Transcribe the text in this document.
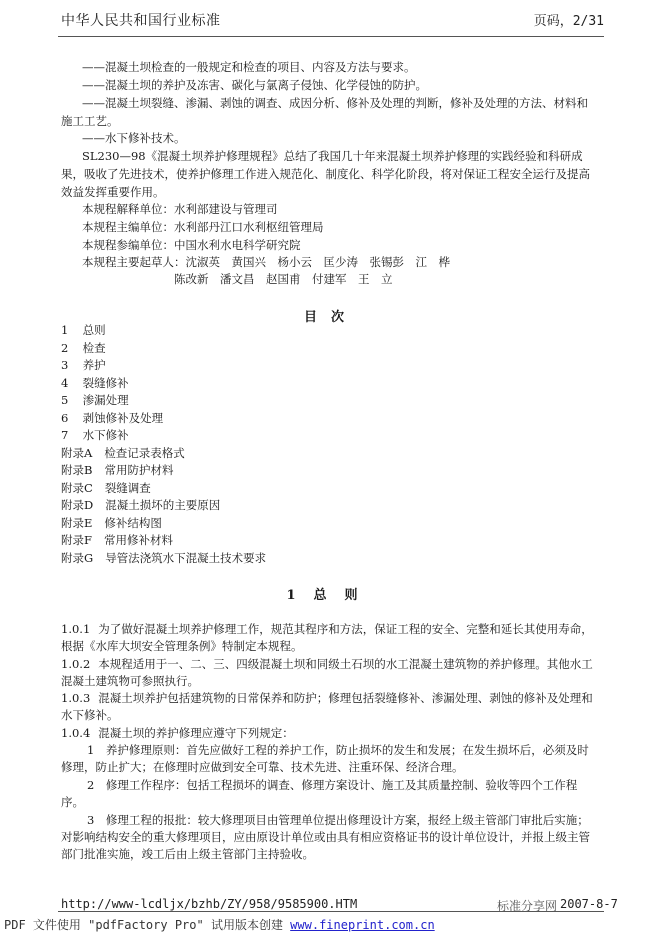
中华人民共和国行业标准	页码，2/31
——混凝土坝检查的一般规定和检查的项目、内容及方法与要求。
——混凝土坝的养护及冻害、碳化与氯离子侵蚀、化学侵蚀的防护。
——混凝土坝裂缝、渗漏、剥蚀的调查、成因分析、修补及处理的判断，修补及处理的方法、材料和
施工工艺。
——水下修补技术。
SL230—98《混凝土坝养护修理规程》总结了我国几十年来混凝土坝养护修理的实践经验和科研成
果，吸收了先进技术，使养护修理工作进入规范化、制度化、科学化阶段，将对保证工程安全运行及提高
效益发挥重要作用。
本规程解释单位：水利部建设与管理司
本规程主编单位：水利部丹江口水利枢纽管理局
本规程参编单位：中国水利水电科学研究院
本规程主要起草人：沈淑英　黄国兴　杨小云　匡少涛　张锡彭　江　桦
陈改新　潘文昌　赵国甫　付建军　王　立
目次
1 总则
2 检查
3 养护
4 裂缝修补
5 渗漏处理
6 剥蚀修补及处理
7 水下修补
附录A 检查记录表格式
附录B 常用防护材料
附录C 裂缝调查
附录D 混凝土损坏的主要原因
附录E 修补结构图
附录F 常用修补材料
附录G 导管法浇筑水下混凝土技术要求
1 总则
1.0.1 为了做好混凝土坝养护修理工作，规范其程序和方法，保证工程的安全、完整和延长其使用寿命，
根据《水库大坝安全管理条例》特制定本规程。
1.0.2 本规程适用于一、二、三、四级混凝土坝和同级土石坝的水工混凝土建筑物的养护修理。其他水工
混凝土建筑物可参照执行。
1.0.3 混凝土坝养护包括建筑物的日常保养和防护；修理包括裂缝修补、渗漏处理、剥蚀的修补及处理和
水下修补。
1.0.4 混凝土坝的养护修理应遵守下列规定：
1　养护修理原则：首先应做好工程的养护工作，防止损坏的发生和发展；在发生损坏后，必须及时
修理，防止扩大；在修理时应做到安全可靠、技术先进、注重环保、经济合理。
2　修理工作程序：包括工程损坏的调查、修理方案设计、施工及其质量控制、验收等四个工作程
序。
3　修理工程的报批：较大修理项目由管理单位提出修理设计方案，报经上级主管部门审批后实施；
对影响结构安全的重大修理项目，应由原设计单位或由具有相应资格证书的设计单位设计，并报上级主管
部门批准实施，竣工后由上级主管部门主持验收。
http://www-lcdljx/bzhb/ZY/958/9585900.HTM	标准分享网 2007-8-7
PDF 文件使用 "pdfFactory Pro" 试用版本创建 www.fineprint.com.cn
